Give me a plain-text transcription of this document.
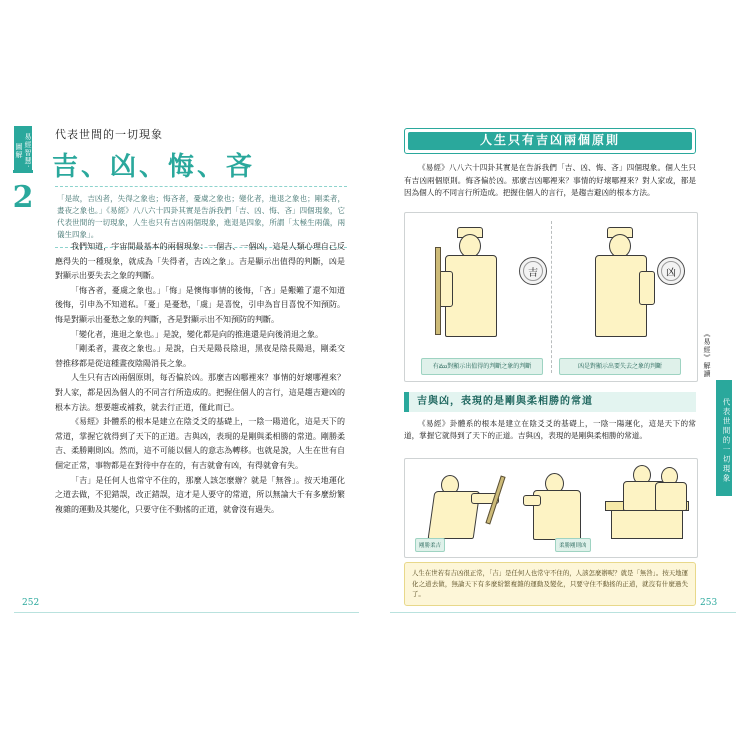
易經智慧‧圖解
2
代表世間的一切現象
吉、凶、悔、吝
「是故，吉凶者，失得之象也；悔吝者，憂虞之象也；變化者，進退之象也；剛柔者，晝夜之象也。」《易經》八八六十四卦其實是告訴我們「吉、凶、悔、吝」四個現象，它代表世間的一切現象，人生也只有吉凶兩個現象，進退是四象，所謂「太極生兩儀，兩儀生四象」。

我們知道，宇宙間最基本的兩個現象：一個吉、一個凶，這是人類心理自己反應得失的一種現象，就成為「失得者，吉凶之象」。吉是顯示出值得的判斷，凶是對顯示出要失去之象的判斷。

「悔吝者，憂虞之象也。」「悔」是懊悔事情的後悔，「吝」是艱難了還不知道後悔，引申為不知道私。「憂」是憂愁，「虞」是喜悅，引申為盲目喜悅不知預防。悔是對顯示出憂愁之象的判斷，吝是對顯示出不知預防的判斷。

「變化者，進退之象也。」是說，變化都是向的推進還是向後消退之象。

「剛柔者，晝夜之象也。」是說，白天是陽長陰退，黑夜是陰長陽退，剛柔交替推移都是從這種晝夜陰陽消長之象。

人生只有吉凶兩個原則，每否偏於凶。那麼吉凶哪裡來？事情的好壞哪裡來？對人家，都是因為個人的不同言行所造成的。把握住個人的言行，這是趨吉避凶的根本方法。想要趨或補救，就去行正道，僅此而已。

《易經》卦體系的根本是建立在陰爻爻的基礎上，一陰一陽道化，這是天下的常道，掌握它就得到了天下的正道。吉與凶，表現的是剛與柔相勝的常道。剛勝柔吉、柔勝剛則凶。然而，這不可能以個人的意志為轉移。也就是說，人生在世有自個定正常，事物都是在對待中存在的，有吉就會有凶，有得就會有失。

「吉」是任何人也常守不住的，那麼人該怎麼辦？就是「無咎」。按天地運化之道去做，不犯錯誤，改正錯誤，這才是人要守的常道，所以無論大千有多麼紛繁複雜的運動及其變化，只要守住不動搖的正道，就會沒有過失。

252
人生只有吉凶兩個原則

《易經》八八六十四卦其實是在告訴我們「吉、凶、悔、吝」四個現象。個人生只有吉凶兩個原則。悔吝偏於凶。那麼吉凶哪裡來？事情的好壞哪裡來？對人家或，都是因為個人的不同言行所造成。把握住個人的言行，是趨吉避凶的根本方法。

吉	凶
有ము對顯示出值得的判斷之象的判斷	凶是對顯示出要失去之象的判斷
吉與凶，表現的是剛與柔相勝的常道

《易經》卦體系的根本是建立在陰爻爻的基礎上，一陰一陽運化，這是天下的常道，掌握它就得到了天下的正道。吉與凶，表現的是剛與柔相勝的常道。

剛勝柔吉	柔勝剛則凶
人生在世若有吉凶很正常，「吉」是任何人也常守不住的，人該怎麼辦呢？就是「無咎」。按天地運化之道去做，無論天下有多麼紛繁複雜的運動及變化，只要守住不動搖的正道，就沒有什麼過失了。
253
《易經》解讀
代表世間的一切現象
